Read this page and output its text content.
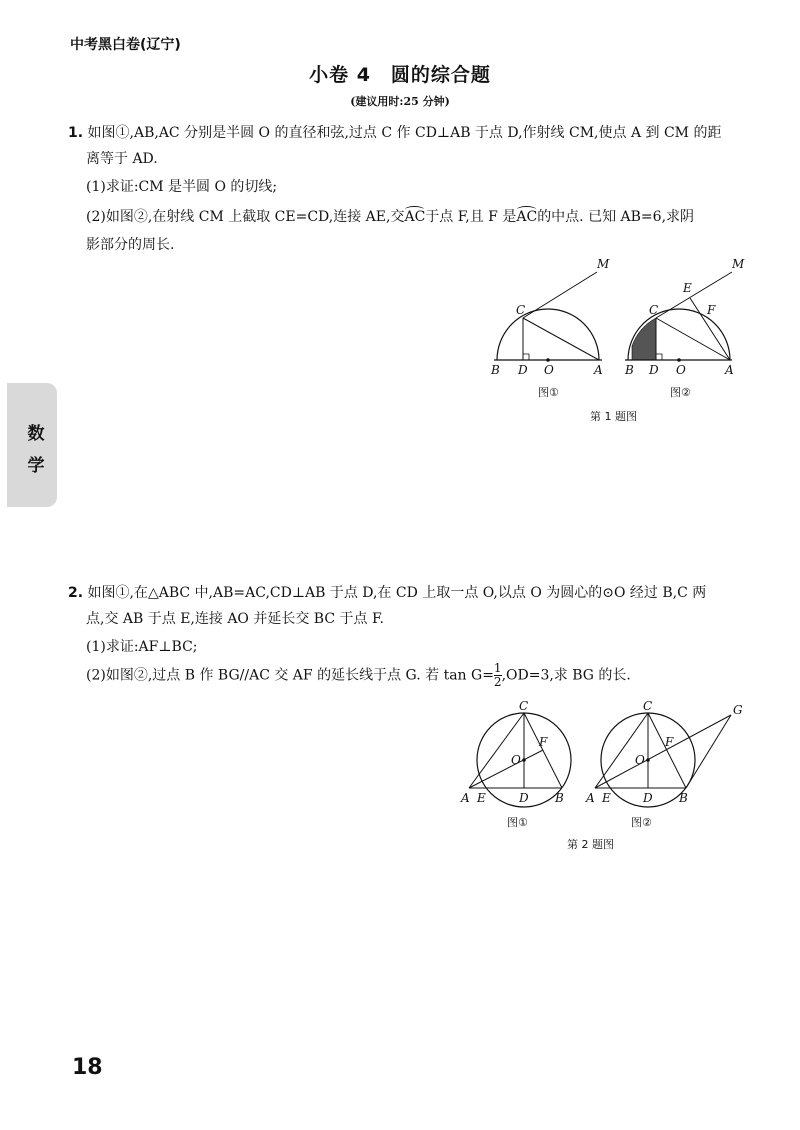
中考黑白卷(辽宁)
小卷 4　圆的综合题
(建议用时:25 分钟)
数
学
1. 如图①,AB,AC 分别是半圆 O 的直径和弦,过点 C 作 CD⊥AB 于点 D,作射线 CM,使点 A 到 CM 的距
离等于 AD.
(1)求证:CM 是半圆 O 的切线;
(2)如图②,在射线 CM 上截取 CE=CD,连接 AE,交AC于点 F,且 F 是AC的中点. 已知 AB=6,求阴
影部分的周长.
B D O	A
C
M
图①
B D O	A
C
M
E
F
图②
第 1 题图
2. 如图①,在△ABC 中,AB=AC,CD⊥AB 于点 D,在 CD 上取一点 O,以点 O 为圆心的⊙O 经过 B,C 两
点,交 AB 于点 E,连接 AO 并延长交 BC 于点 F.
(1)求证:AF⊥BC;
(2)如图②,过点 B 作 BG//AC 交 AF 的延长线于点 G. 若 $\tan G= \frac{1}{2} ,OD=3$,求 BG 的长.
A E	D B
C
O
F
图①
A E	D B
C
O
F
G
图②
第 2 题图
18
